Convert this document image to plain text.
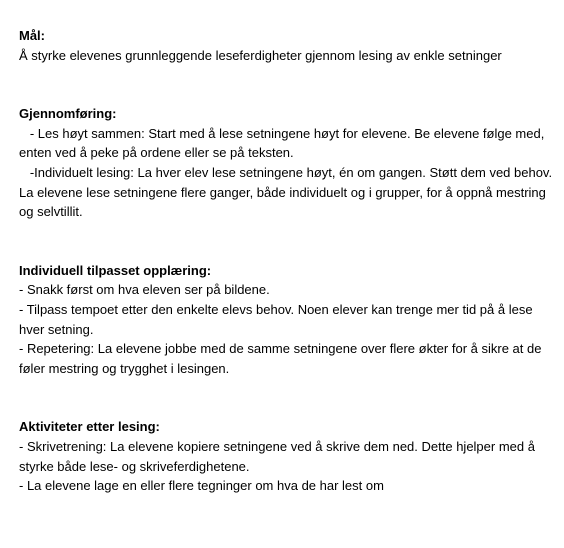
Mål:
Å styrke elevenes grunnleggende leseferdigheter gjennom lesing av enkle setninger
Gjennomføring:
- Les høyt sammen: Start med å lese setningene høyt for elevene. Be elevene følge med, enten ved å peke på ordene eller se på teksten.
-Individuelt lesing: La hver elev lese setningene høyt, én om gangen. Støtt dem ved behov. La elevene lese setningene flere ganger, både individuelt og i grupper, for å oppnå mestring og selvtillit.
Individuell tilpasset opplæring:
- Snakk først om hva eleven ser på bildene.
- Tilpass tempoet etter den enkelte elevs behov. Noen elever kan trenge mer tid på å lese hver setning.
- Repetering: La elevene jobbe med de samme setningene over flere økter for å sikre at de føler mestring og trygghet i lesingen.
Aktiviteter etter lesing:
- Skrivetrening: La elevene kopiere setningene ved å skrive dem ned. Dette hjelper med å styrke både lese- og skriveferdighetene.
- La elevene lage en eller flere tegninger om hva de har lest om
